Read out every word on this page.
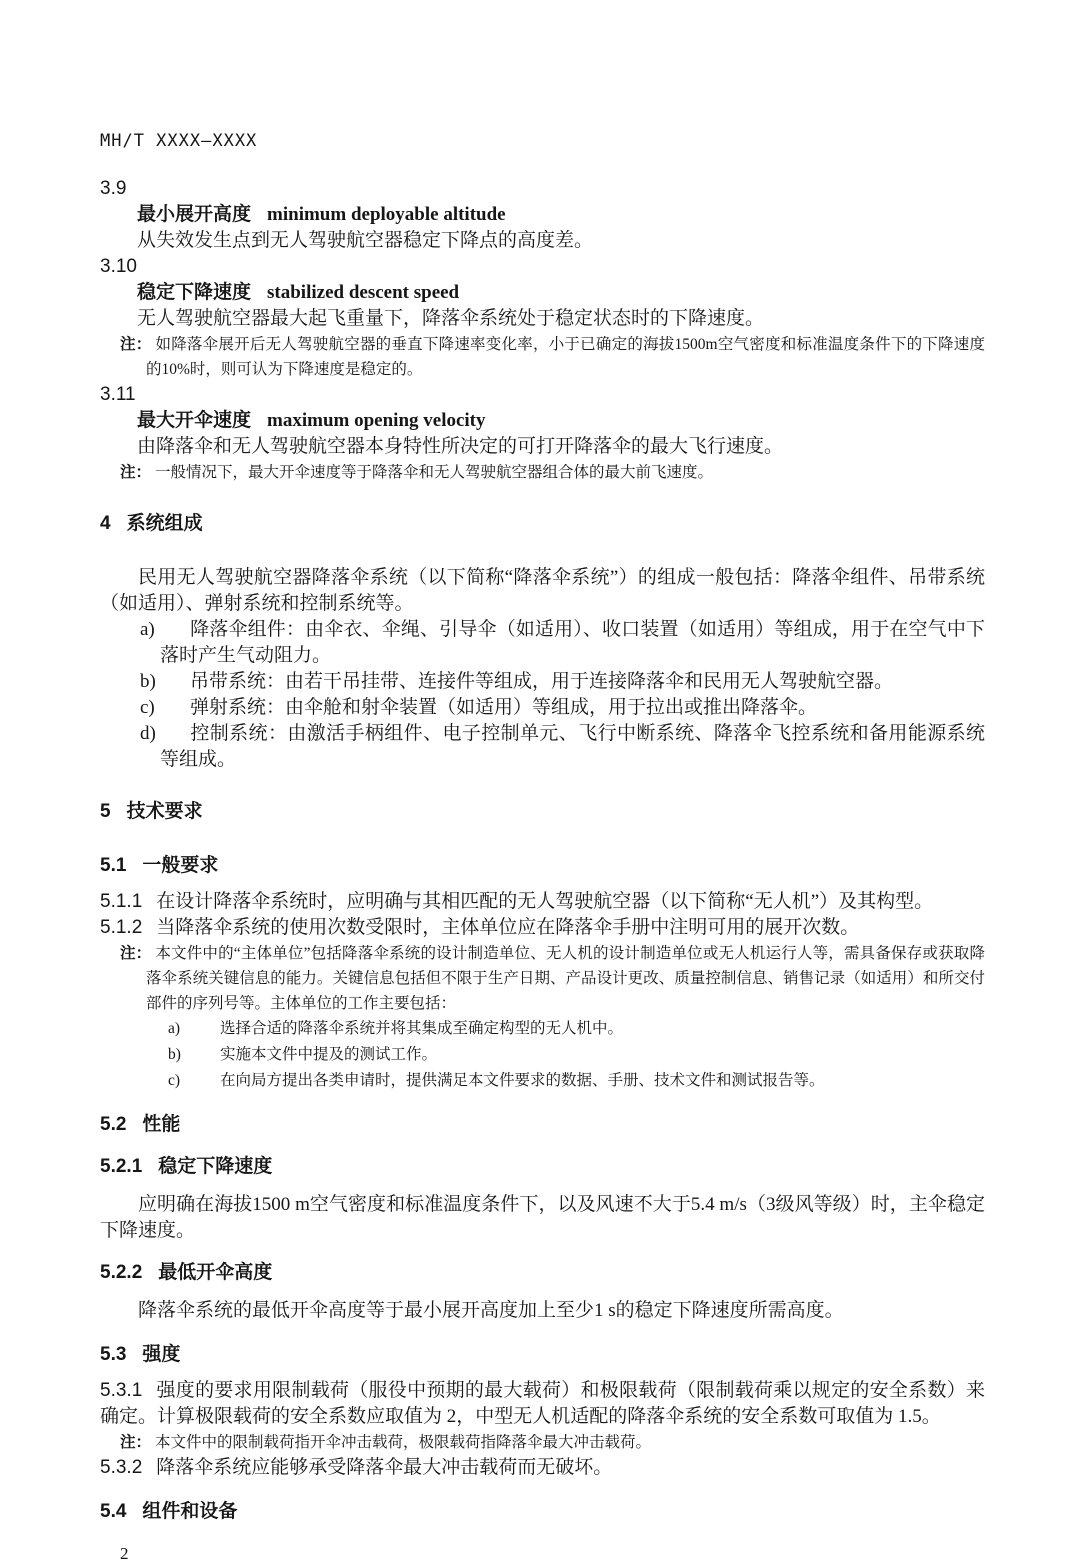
MH/T XXXX—XXXX

3.9

最小展开高度 minimum deployable altitude

从失效发生点到无人驾驶航空器稳定下降点的高度差。

3.10

稳定下降速度 stabilized descent speed

无人驾驶航空器最大起飞重量下，降落伞系统处于稳定状态时的下降速度。

注： 如降落伞展开后无人驾驶航空器的垂直下降速率变化率，小于已确定的海拔1500m空气密度和标准温度条件下的下降速度的10%时，则可认为下降速度是稳定的。

3.11

最大开伞速度 maximum opening velocity

由降落伞和无人驾驶航空器本身特性所决定的可打开降落伞的最大飞行速度。

注： 一般情况下，最大开伞速度等于降落伞和无人驾驶航空器组合体的最大前飞速度。

4 系统组成

民用无人驾驶航空器降落伞系统（以下简称“降落伞系统”）的组成一般包括：降落伞组件、吊带系统（如适用）、弹射系统和控制系统等。

a) 降落伞组件：由伞衣、伞绳、引导伞（如适用）、收口装置（如适用）等组成，用于在空气中下落时产生气动阻力。

b) 吊带系统：由若干吊挂带、连接件等组成，用于连接降落伞和民用无人驾驶航空器。

c) 弹射系统：由伞舱和射伞装置（如适用）等组成，用于拉出或推出降落伞。

d) 控制系统：由激活手柄组件、电子控制单元、飞行中断系统、降落伞飞控系统和备用能源系统等组成。

5 技术要求

5.1 一般要求

5.1.1 在设计降落伞系统时，应明确与其相匹配的无人驾驶航空器（以下简称“无人机”）及其构型。

5.1.2 当降落伞系统的使用次数受限时，主体单位应在降落伞手册中注明可用的展开次数。

注： 本文件中的“主体单位”包括降落伞系统的设计制造单位、无人机的设计制造单位或无人机运行人等，需具备保存或获取降落伞系统关键信息的能力。关键信息包括但不限于生产日期、产品设计更改、质量控制信息、销售记录（如适用）和所交付部件的序列号等。主体单位的工作主要包括：

a)	选择合适的降落伞系统并将其集成至确定构型的无人机中。

b)	实施本文件中提及的测试工作。

c)	在向局方提出各类申请时，提供满足本文件要求的数据、手册、技术文件和测试报告等。

5.2 性能

5.2.1 稳定下降速度

应明确在海拔1500 m空气密度和标准温度条件下，以及风速不大于5.4 m/s（3级风等级）时，主伞稳定下降速度。

5.2.2 最低开伞高度

降落伞系统的最低开伞高度等于最小展开高度加上至少1 s的稳定下降速度所需高度。

5.3 强度

5.3.1 强度的要求用限制载荷（服役中预期的最大载荷）和极限载荷（限制载荷乘以规定的安全系数）来确定。计算极限载荷的安全系数应取值为 2，中型无人机适配的降落伞系统的安全系数可取值为 1.5。

注： 本文件中的限制载荷指开伞冲击载荷，极限载荷指降落伞最大冲击载荷。

5.3.2 降落伞系统应能够承受降落伞最大冲击载荷而无破坏。

5.4 组件和设备

2
